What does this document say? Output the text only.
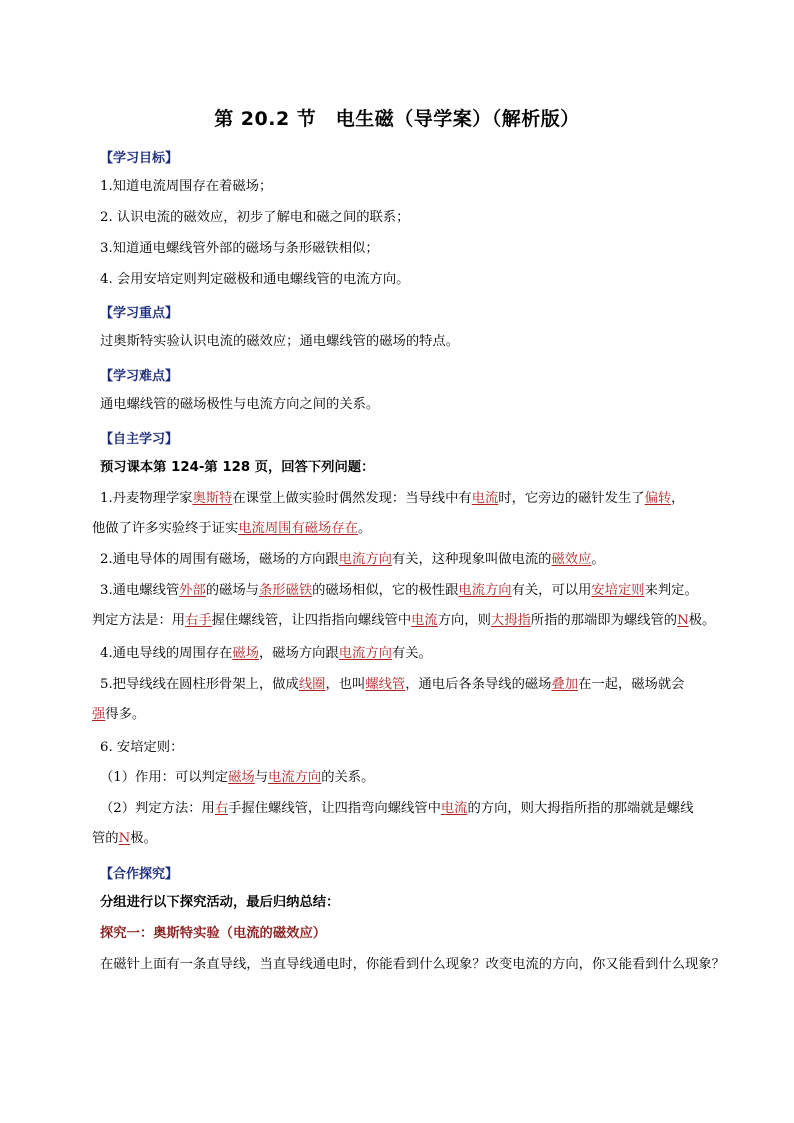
第 20.2 节　电生磁（导学案）（解析版）
【学习目标】
1.知道电流周围存在着磁场；
2. 认识电流的磁效应，初步了解电和磁之间的联系；
3.知道通电螺线管外部的磁场与条形磁铁相似；
4. 会用安培定则判定磁极和通电螺线管的电流方向。
【学习重点】
过奥斯特实验认识电流的磁效应；通电螺线管的磁场的特点。
【学习难点】
通电螺线管的磁场极性与电流方向之间的关系。
【自主学习】
预习课本第 124-第 128 页，回答下列问题：
1.丹麦物理学家奥斯特在课堂上做实验时偶然发现：当导线中有电流时，它旁边的磁针发生了偏转，
他做了许多实验终于证实电流周围有磁场存在。
2.通电导体的周围有磁场，磁场的方向跟电流方向有关，这种现象叫做电流的磁效应。
3.通电螺线管外部的磁场与条形磁铁的磁场相似，它的极性跟电流方向有关，可以用安培定则来判定。
判定方法是：用右手握住螺线管，让四指指向螺线管中电流方向，则大拇指所指的那端即为螺线管的N极。
4.通电导线的周围存在磁场，磁场方向跟电流方向有关。
5.把导线线在圆柱形骨架上，做成线圈，也叫螺线管，通电后各条导线的磁场叠加在一起，磁场就会
强得多。
6. 安培定则：
（1）作用：可以判定磁场与电流方向的关系。
（2）判定方法：用右手握住螺线管，让四指弯向螺线管中电流的方向，则大拇指所指的那端就是螺线
管的N极。
【合作探究】
分组进行以下探究活动，最后归纳总结：
探究一：奥斯特实验（电流的磁效应）
在磁针上面有一条直导线，当直导线通电时，你能看到什么现象？改变电流的方向，你又能看到什么现象？
